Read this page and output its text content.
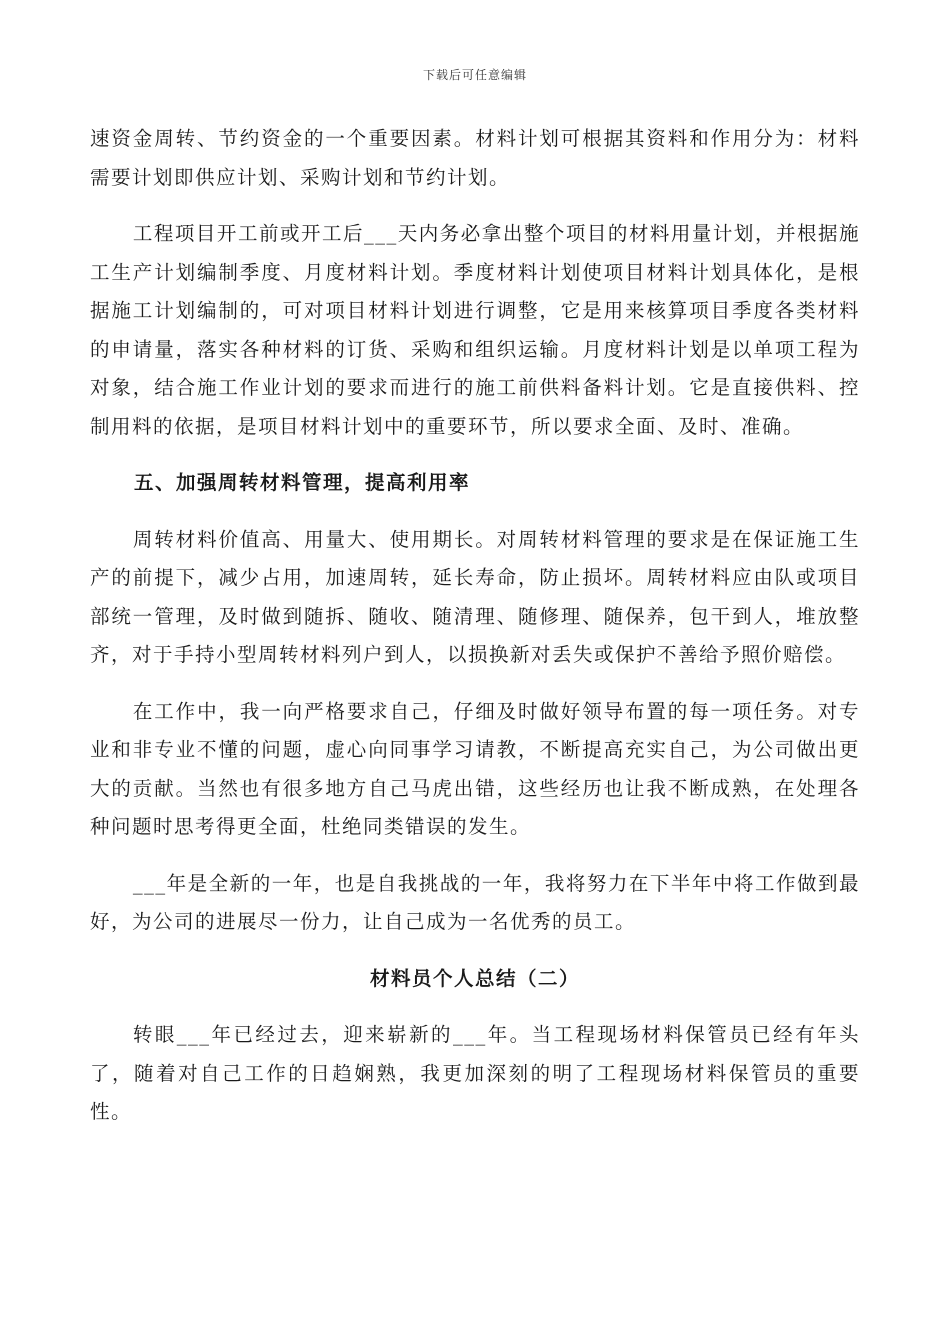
下载后可任意编辑

速资金周转、节约资金的一个重要因素。材料计划可根据其资料和作用分为：材料需要计划即供应计划、采购计划和节约计划。

工程项目开工前或开工后___天内务必拿出整个项目的材料用量计划，并根据施工生产计划编制季度、月度材料计划。季度材料计划使项目材料计划具体化，是根据施工计划编制的，可对项目材料计划进行调整，它是用来核算项目季度各类材料的申请量，落实各种材料的订货、采购和组织运输。月度材料计划是以单项工程为对象，结合施工作业计划的要求而进行的施工前供料备料计划。它是直接供料、控制用料的依据，是项目材料计划中的重要环节，所以要求全面、及时、准确。

五、加强周转材料管理，提高利用率

周转材料价值高、用量大、使用期长。对周转材料管理的要求是在保证施工生产的前提下，减少占用，加速周转，延长寿命，防止损坏。周转材料应由队或项目部统一管理，及时做到随拆、随收、随清理、随修理、随保养，包干到人，堆放整齐，对于手持小型周转材料列户到人，以损换新对丢失或保护不善给予照价赔偿。

在工作中，我一向严格要求自己，仔细及时做好领导布置的每一项任务。对专业和非专业不懂的问题，虚心向同事学习请教，不断提高充实自己，为公司做出更大的贡献。当然也有很多地方自己马虎出错，这些经历也让我不断成熟，在处理各种问题时思考得更全面，杜绝同类错误的发生。

___年是全新的一年，也是自我挑战的一年，我将努力在下半年中将工作做到最好，为公司的进展尽一份力，让自己成为一名优秀的员工。

材料员个人总结（二）

转眼___年已经过去，迎来崭新的___年。当工程现场材料保管员已经有年头了，随着对自己工作的日趋娴熟，我更加深刻的明了工程现场材料保管员的重要性。
